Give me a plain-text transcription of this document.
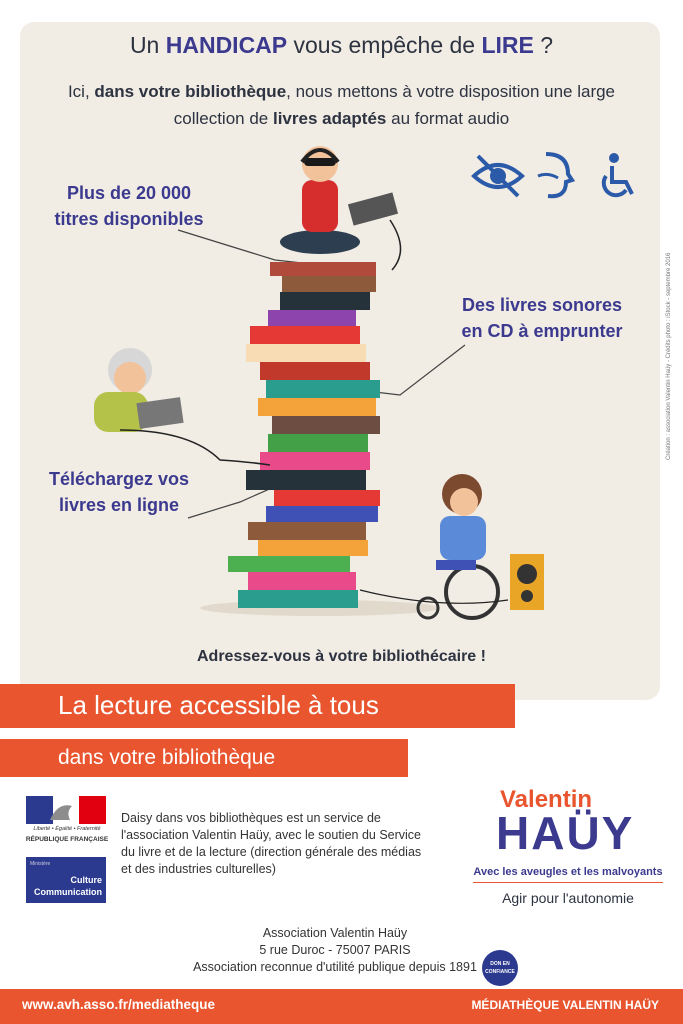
Un HANDICAP vous empêche de LIRE ?
Ici, dans votre bibliothèque, nous mettons à votre disposition une large collection de livres adaptés au format audio
Plus de 20 000 titres disponibles
Des livres sonores en CD à emprunter
Téléchargez vos livres en ligne
Adressez-vous à votre bibliothécaire !
Création : association Valentin Haüy - Crédits photo : iStock - septembre 2016
La lecture accessible à tous
dans votre bibliothèque
Liberté • Égalité • Fraternité
RÉPUBLIQUE FRANÇAISE
Ministère
Culture
Communication
Daisy dans vos bibliothèques est un service de l'association Valentin Haüy, avec le soutien du Service du livre et de la lecture (direction générale des médias et des industries culturelles)
Valentin
HAÜY
Avec les aveugles et les malvoyants
Agir pour l'autonomie
Association Valentin Haüy
5 rue Duroc - 75007 PARIS
Association reconnue d'utilité publique depuis 1891	DON EN CONFIANCE
www.avh.asso.fr/mediatheque	MÉDIATHÈQUE VALENTIN HAÜY
